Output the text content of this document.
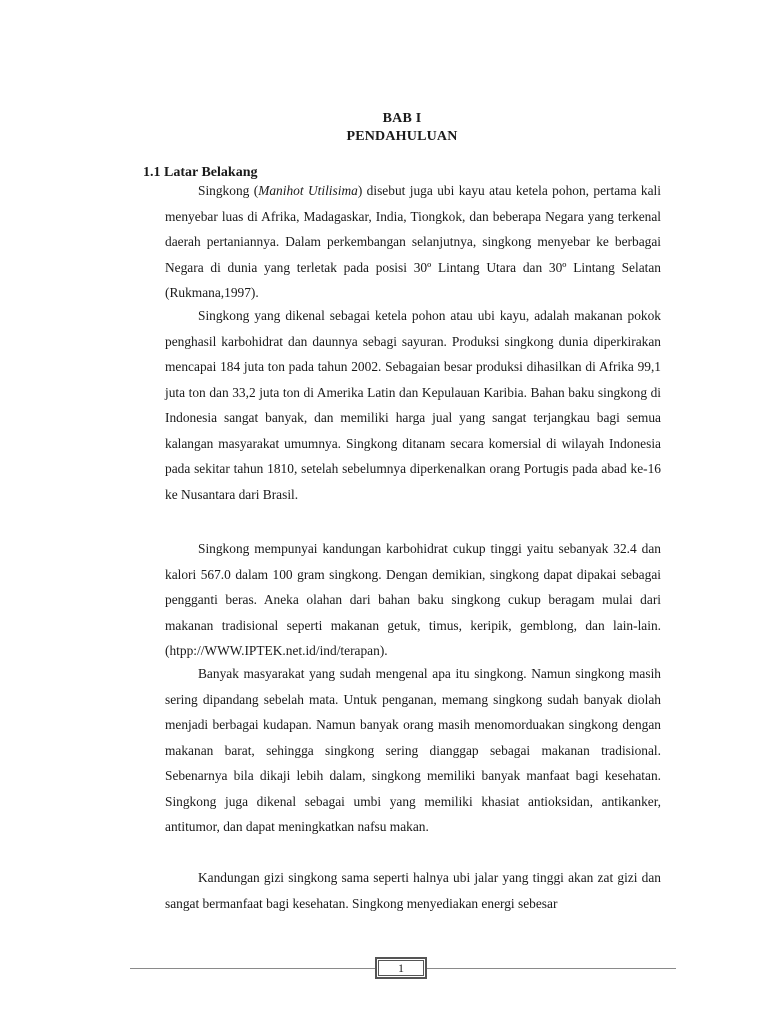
BAB I
PENDAHULUAN
1.1 Latar Belakang

Singkong (Manihot Utilisima) disebut juga ubi kayu atau ketela pohon, pertama kali menyebar luas di Afrika, Madagaskar, India, Tiongkok, dan beberapa Negara yang terkenal daerah pertaniannya. Dalam perkembangan selanjutnya, singkong menyebar ke berbagai Negara di dunia yang terletak pada posisi 30º Lintang Utara dan 30º Lintang Selatan (Rukmana,1997).

Singkong yang dikenal sebagai ketela pohon atau ubi kayu, adalah makanan pokok penghasil karbohidrat dan daunnya sebagi sayuran. Produksi singkong dunia diperkirakan mencapai 184 juta ton pada tahun 2002. Sebagaian besar produksi dihasilkan di Afrika 99,1 juta ton dan 33,2 juta ton di Amerika Latin dan Kepulauan Karibia. Bahan baku singkong di Indonesia sangat banyak, dan memiliki harga jual yang sangat terjangkau bagi semua kalangan masyarakat umumnya. Singkong ditanam secara komersial di wilayah Indonesia pada sekitar tahun 1810, setelah sebelumnya diperkenalkan orang Portugis pada abad ke-16 ke Nusantara dari Brasil.

Singkong mempunyai kandungan karbohidrat cukup tinggi yaitu sebanyak 32.4 dan kalori 567.0 dalam 100 gram singkong. Dengan demikian, singkong dapat dipakai sebagai pengganti beras. Aneka olahan dari bahan baku singkong cukup beragam mulai dari makanan tradisional seperti makanan getuk, timus, keripik, gemblong, dan lain-lain. (htpp://WWW.IPTEK.net.id/ind/terapan).

Banyak masyarakat yang sudah mengenal apa itu singkong. Namun singkong masih sering dipandang sebelah mata. Untuk penganan, memang singkong sudah banyak diolah menjadi berbagai kudapan. Namun banyak orang masih menomorduakan singkong dengan makanan barat, sehingga singkong sering dianggap sebagai makanan tradisional. Sebenarnya bila dikaji lebih dalam, singkong memiliki banyak manfaat bagi kesehatan. Singkong juga dikenal sebagai umbi yang memiliki khasiat antioksidan, antikanker, antitumor, dan dapat meningkatkan nafsu makan.

Kandungan gizi singkong sama seperti halnya ubi jalar yang tinggi akan zat gizi dan sangat bermanfaat bagi kesehatan. Singkong menyediakan energi sebesar

1
